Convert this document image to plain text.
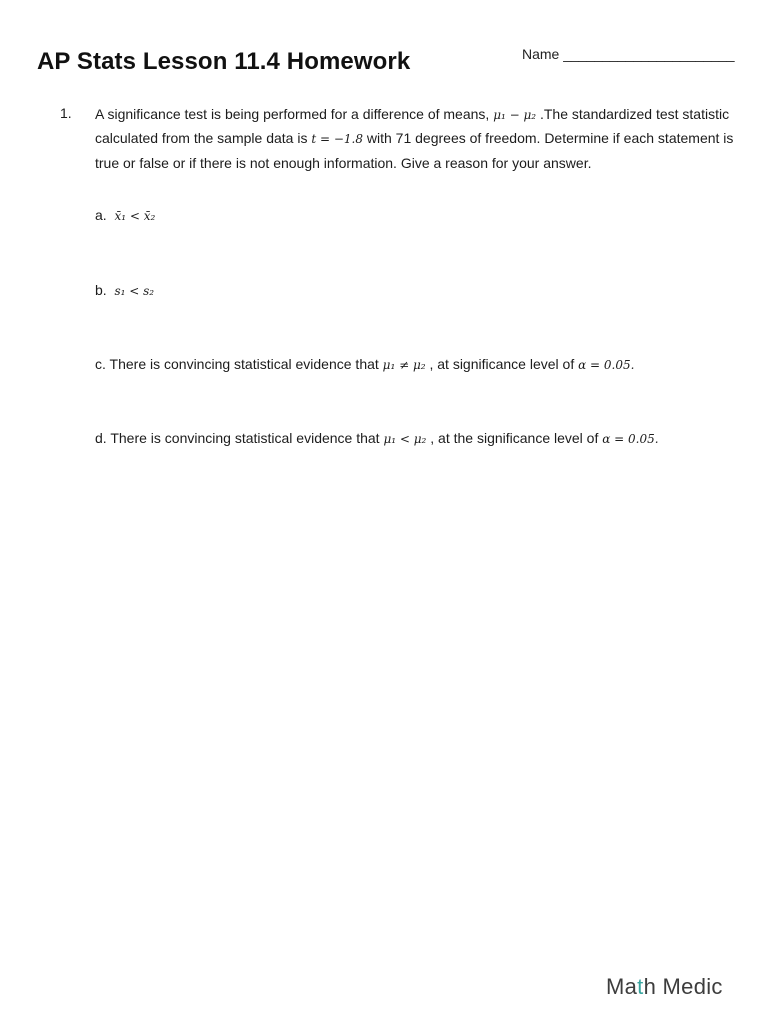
AP Stats Lesson 11.4 Homework	Name ______________________
1. A significance test is being performed for a difference of means, μ₁ − μ₂ .The standardized test statistic calculated from the sample data is t = −1.8 with 71 degrees of freedom. Determine if each statement is true or false or if there is not enough information. Give a reason for your answer.
a. x̄₁ < x̄₂
b. s₁ < s₂
c. There is convincing statistical evidence that μ₁ ≠ μ₂ , at significance level of α = 0.05.
d. There is convincing statistical evidence that μ₁ < μ₂ , at the significance level of α = 0.05.
Math Medic
